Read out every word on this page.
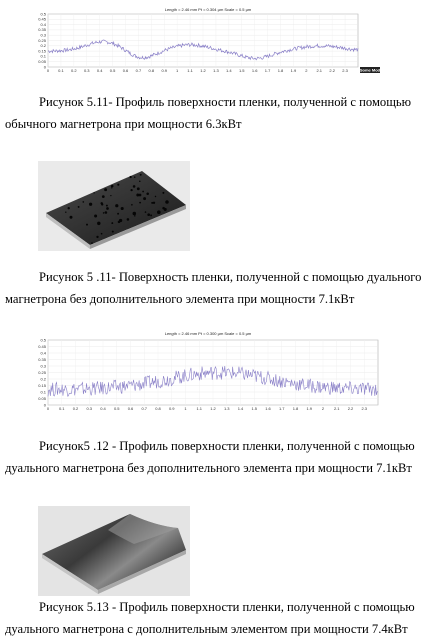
Length = 2.46 mm Pt = 0.304 µm Scale = 0.5 µm
0.5
0.45
0.4
0.35
0.3
0.25
0.2
0.15
0.1
0.05
0
0 0.1 0.2 0.3 0.4 0.5 0.6 0.7 0.8 0.9 1 1.1 1.2 1.3 1.4 1.5 1.6 1.7 1.8 1.9 2 2.1 2.2 2.3	Some Mod
Рисунок 5.11- Профиль поверхности пленки, полученной с помощью
обычного магнетрона при мощности 6.3кВт
Рисунок 5 .11- Поверхность пленки, полученной с помощью дуального
магнетрона без дополнительного элемента при мощности 7.1кВт
Length = 2.46 mm Pt = 0.300 µm Scale = 0.5 µm
0.5
0.45
0.4
0.35
0.3
0.25
0.2
0.15
0.1
0.05
0
0 0.1 0.2 0.3 0.4 0.5 0.6 0.7 0.8 0.9 1 1.1 1.2 1.3 1.4 1.5 1.6 1.7 1.8 1.9 2 2.1 2.2 2.3
Рисунок5 .12 - Профиль поверхности пленки, полученной с помощью
дуального магнетрона без дополнительного элемента при мощности 7.1кВт
Рисунок 5.13 - Профиль поверхности пленки, полученной с помощью
дуального магнетрона с дополнительным элементом при мощности 7.4кВт
